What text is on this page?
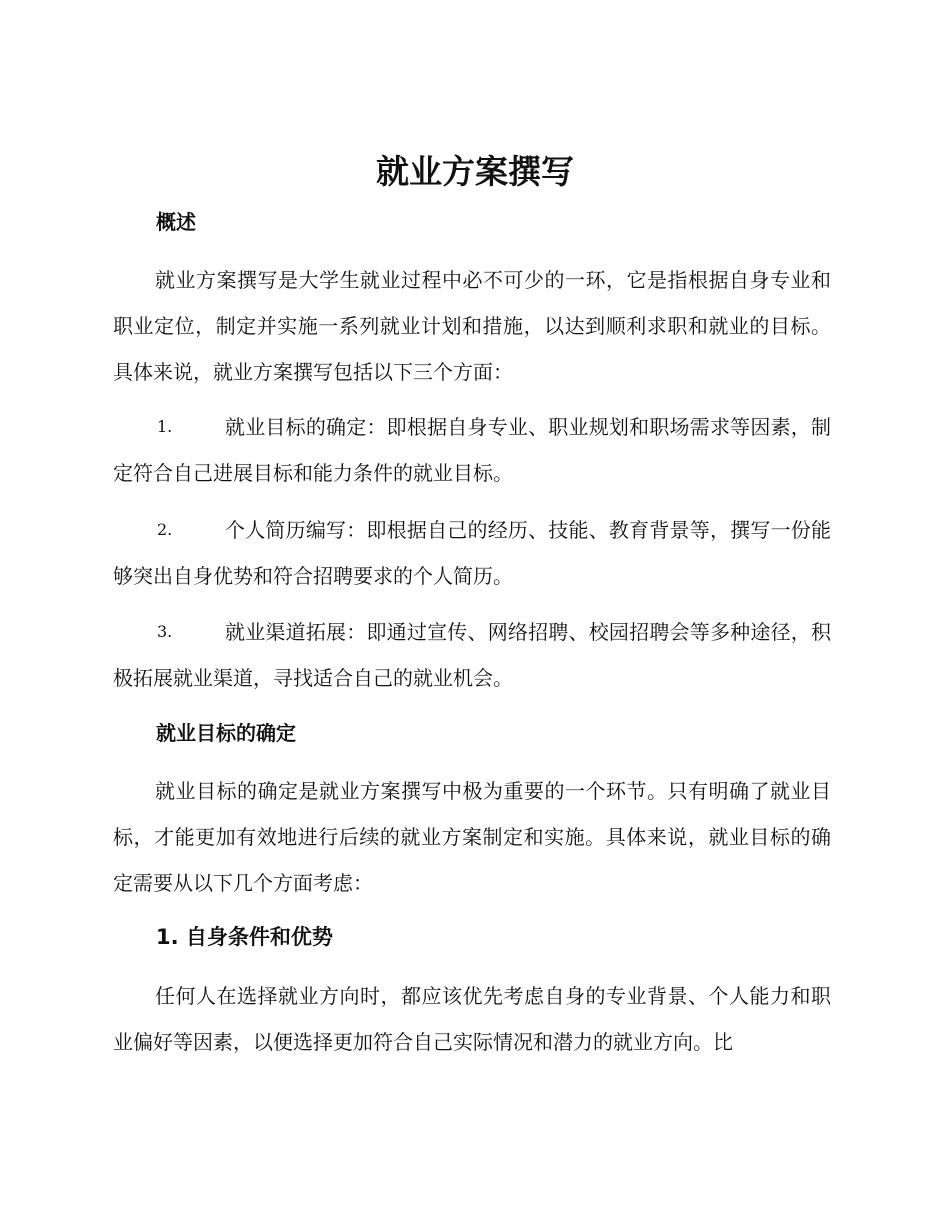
就业方案撰写
概述

就业方案撰写是大学生就业过程中必不可少的一环，它是指根据自身专业和职业定位，制定并实施一系列就业计划和措施，以达到顺利求职和就业的目标。具体来说，就业方案撰写包括以下三个方面：

1.	就业目标的确定：即根据自身专业、职业规划和职场需求等因素，制定符合自己进展目标和能力条件的就业目标。
2.	个人简历编写：即根据自己的经历、技能、教育背景等，撰写一份能够突出自身优势和符合招聘要求的个人简历。
3.	就业渠道拓展：即通过宣传、网络招聘、校园招聘会等多种途径，积极拓展就业渠道，寻找适合自己的就业机会。
就业目标的确定

就业目标的确定是就业方案撰写中极为重要的一个环节。只有明确了就业目标，才能更加有效地进行后续的就业方案制定和实施。具体来说，就业目标的确定需要从以下几个方面考虑：

1. 自身条件和优势

任何人在选择就业方向时，都应该优先考虑自身的专业背景、个人能力和职业偏好等因素，以便选择更加符合自己实际情况和潜力的就业方向。比
